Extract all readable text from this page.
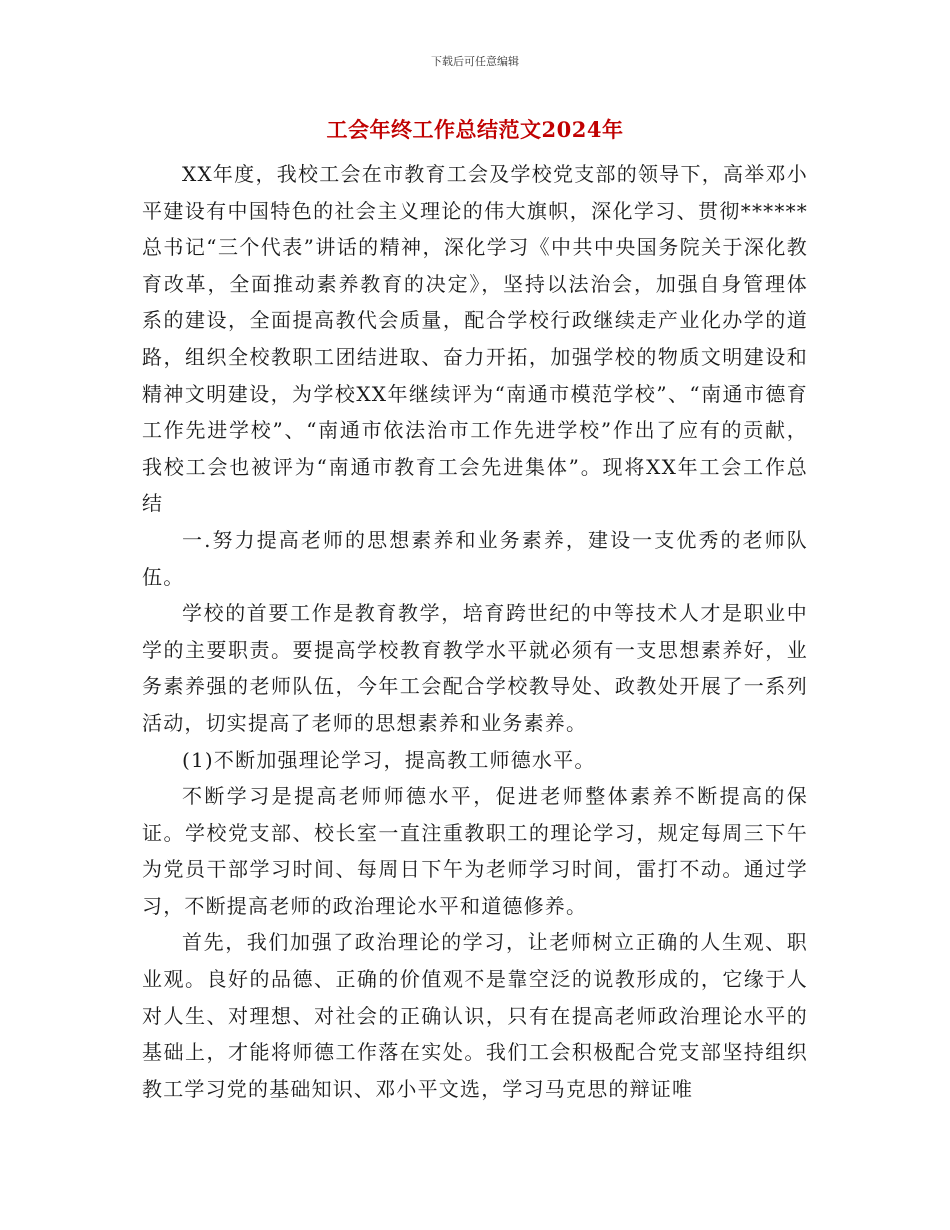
下载后可任意编辑
工会年终工作总结范文2024年

XX年度，我校工会在市教育工会及学校党支部的领导下，高举邓小平建设有中国特色的社会主义理论的伟大旗帜，深化学习、贯彻******总书记“三个代表”讲话的精神，深化学习《中共中央国务院关于深化教育改革，全面推动素养教育的决定》，坚持以法治会，加强自身管理体系的建设，全面提高教代会质量，配合学校行政继续走产业化办学的道路，组织全校教职工团结进取、奋力开拓，加强学校的物质文明建设和精神文明建设，为学校XX年继续评为“南通市模范学校”、“南通市德育工作先进学校”、“南通市依法治市工作先进学校”作出了应有的贡献，我校工会也被评为“南通市教育工会先进集体”。现将XX年工会工作总结

一.努力提高老师的思想素养和业务素养，建设一支优秀的老师队伍。

学校的首要工作是教育教学，培育跨世纪的中等技术人才是职业中学的主要职责。要提高学校教育教学水平就必须有一支思想素养好，业务素养强的老师队伍，今年工会配合学校教导处、政教处开展了一系列活动，切实提高了老师的思想素养和业务素养。

(1)不断加强理论学习，提高教工师德水平。

不断学习是提高老师师德水平，促进老师整体素养不断提高的保证。学校党支部、校长室一直注重教职工的理论学习，规定每周三下午为党员干部学习时间、每周日下午为老师学习时间，雷打不动。通过学习，不断提高老师的政治理论水平和道德修养。

首先，我们加强了政治理论的学习，让老师树立正确的人生观、职业观。良好的品德、正确的价值观不是靠空泛的说教形成的，它缘于人对人生、对理想、对社会的正确认识，只有在提高老师政治理论水平的基础上，才能将师德工作落在实处。我们工会积极配合党支部坚持组织教工学习党的基础知识、邓小平文选，学习马克思的辩证唯
